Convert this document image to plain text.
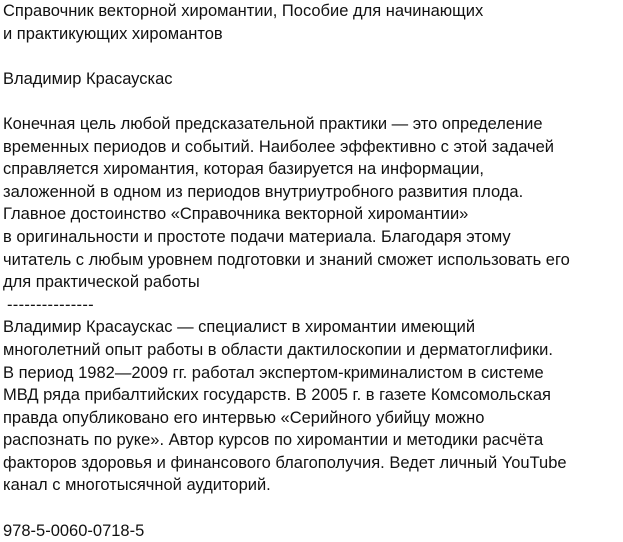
Справочник векторной хиромантии, Пособие для начинающих
и практикующих хиромантов
Владимир Красаускас
Конечная цель любой предсказательной практики — это определение
временных периодов и событий. Наиболее эффективно с этой задачей
справляется хиромантия, которая базируется на информации,
заложенной в одном из периодов внутриутробного развития плода.
Главное достоинство «Справочника векторной хиромантии»
в оригинальности и простоте подачи материала. Благодаря этому
читатель с любым уровнем подготовки и знаний сможет использовать его
для практической работы
---------------
Владимир Красаускас — специалист в хиромантии имеющий
многолетний опыт работы в области дактилоскопии и дерматоглифики.
В период 1982—2009 гг. работал экспертом-криминалистом в системе
МВД ряда прибалтийских государств. В 2005 г. в газете Комсомольская
правда опубликовано его интервью «Серийного убийцу можно
распознать по руке». Автор курсов по хиромантии и методики расчёта
факторов здоровья и финансового благополучия. Ведет личный YouTube
канал с многотысячной аудиторий.
978-5-0060-0718-5
